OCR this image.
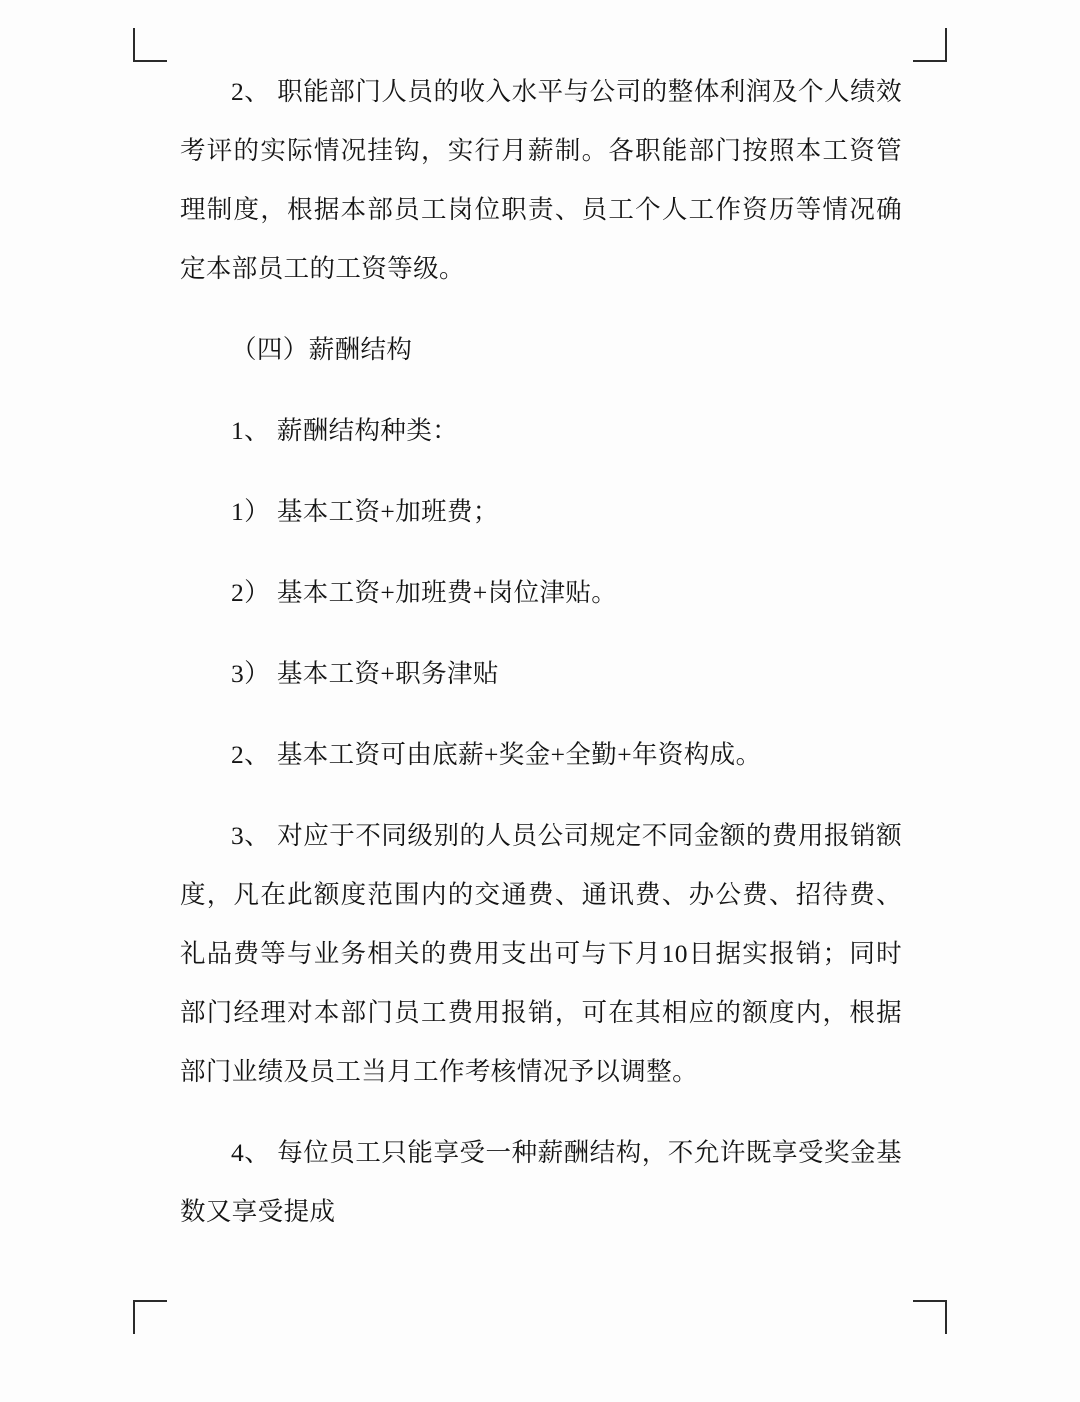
2、 职能部门人员的收入水平与公司的整体利润及个人绩效考评的实际情况挂钩，实行月薪制。各职能部门按照本工资管理制度，根据本部员工岗位职责、员工个人工作资历等情况确定本部员工的工资等级。

（四）薪酬结构

1、 薪酬结构种类：

1） 基本工资+加班费；

2） 基本工资+加班费+岗位津贴。

3） 基本工资+职务津贴

2、 基本工资可由底薪+奖金+全勤+年资构成。

3、 对应于不同级别的人员公司规定不同金额的费用报销额度，凡在此额度范围内的交通费、通讯费、办公费、招待费、礼品费等与业务相关的费用支出可与下月10日据实报销；同时部门经理对本部门员工费用报销，可在其相应的额度内，根据部门业绩及员工当月工作考核情况予以调整。

4、 每位员工只能享受一种薪酬结构，不允许既享受奖金基数又享受提成
